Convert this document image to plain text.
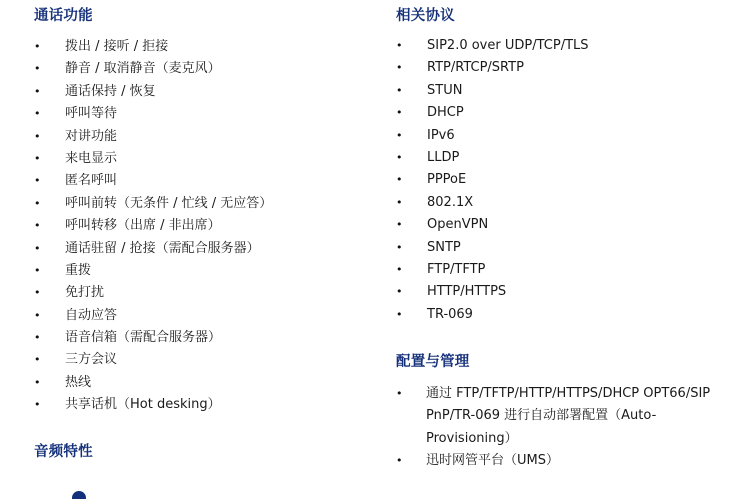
通话功能
• 拨出 / 接听 / 拒接
• 静音 / 取消静音（麦克风）
• 通话保持 / 恢复
• 呼叫等待
• 对讲功能
• 来电显示
• 匿名呼叫
• 呼叫前转（无条件 / 忙线 / 无应答）
• 呼叫转移（出席 / 非出席）
• 通话驻留 / 抢接（需配合服务器）
• 重拨
• 免打扰
• 自动应答
• 语音信箱（需配合服务器）
• 三方会议
• 热线
• 共享话机（Hot desking）
音频特性
相关协议
• SIP2.0 over UDP/TCP/TLS
• RTP/RTCP/SRTP
• STUN
• DHCP
• IPv6
• LLDP
• PPPoE
• 802.1X
• OpenVPN
• SNTP
• FTP/TFTP
• HTTP/HTTPS
• TR-069
配置与管理
• 通过 FTP/TFTP/HTTP/HTTPS/DHCP OPT66/SIP PnP/TR-069 进行自动部署配置（Auto-Provisioning）
• 迅时网管平台（UMS）
